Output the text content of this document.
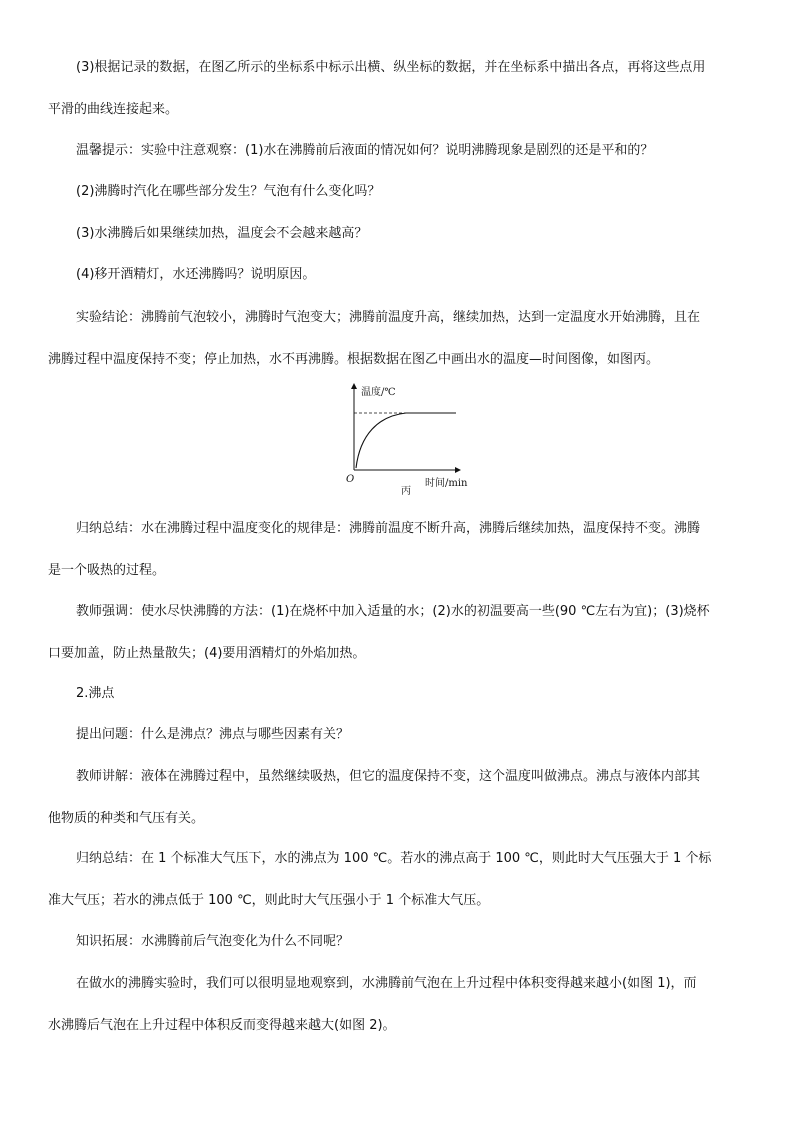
(3)根据记录的数据，在图乙所示的坐标系中标示出横、纵坐标的数据，并在坐标系中描出各点，再将这些点用
平滑的曲线连接起来。

温馨提示：实验中注意观察：(1)水在沸腾前后液面的情况如何？说明沸腾现象是剧烈的还是平和的？

(2)沸腾时汽化在哪些部分发生？气泡有什么变化吗？

(3)水沸腾后如果继续加热，温度会不会越来越高？

(4)移开酒精灯，水还沸腾吗？说明原因。

实验结论：沸腾前气泡较小，沸腾时气泡变大；沸腾前温度升高，继续加热，达到一定温度水开始沸腾，且在
沸腾过程中温度保持不变；停止加热，水不再沸腾。根据数据在图乙中画出水的温度—时间图像，如图丙。

温度/℃
O	时间/min
丙

归纳总结：水在沸腾过程中温度变化的规律是：沸腾前温度不断升高，沸腾后继续加热，温度保持不变。沸腾
是一个吸热的过程。

教师强调：使水尽快沸腾的方法：(1)在烧杯中加入适量的水；(2)水的初温要高一些(90 ℃左右为宜)；(3)烧杯
口要加盖，防止热量散失；(4)要用酒精灯的外焰加热。

2.沸点

提出问题：什么是沸点？沸点与哪些因素有关？

教师讲解：液体在沸腾过程中，虽然继续吸热，但它的温度保持不变，这个温度叫做沸点。沸点与液体内部其
他物质的种类和气压有关。

归纳总结：在 1 个标准大气压下，水的沸点为 100 ℃。若水的沸点高于 100 ℃，则此时大气压强大于 1 个标
准大气压；若水的沸点低于 100 ℃，则此时大气压强小于 1 个标准大气压。

知识拓展：水沸腾前后气泡变化为什么不同呢？

在做水的沸腾实验时，我们可以很明显地观察到，水沸腾前气泡在上升过程中体积变得越来越小(如图 1)，而
水沸腾后气泡在上升过程中体积反而变得越来越大(如图 2)。
